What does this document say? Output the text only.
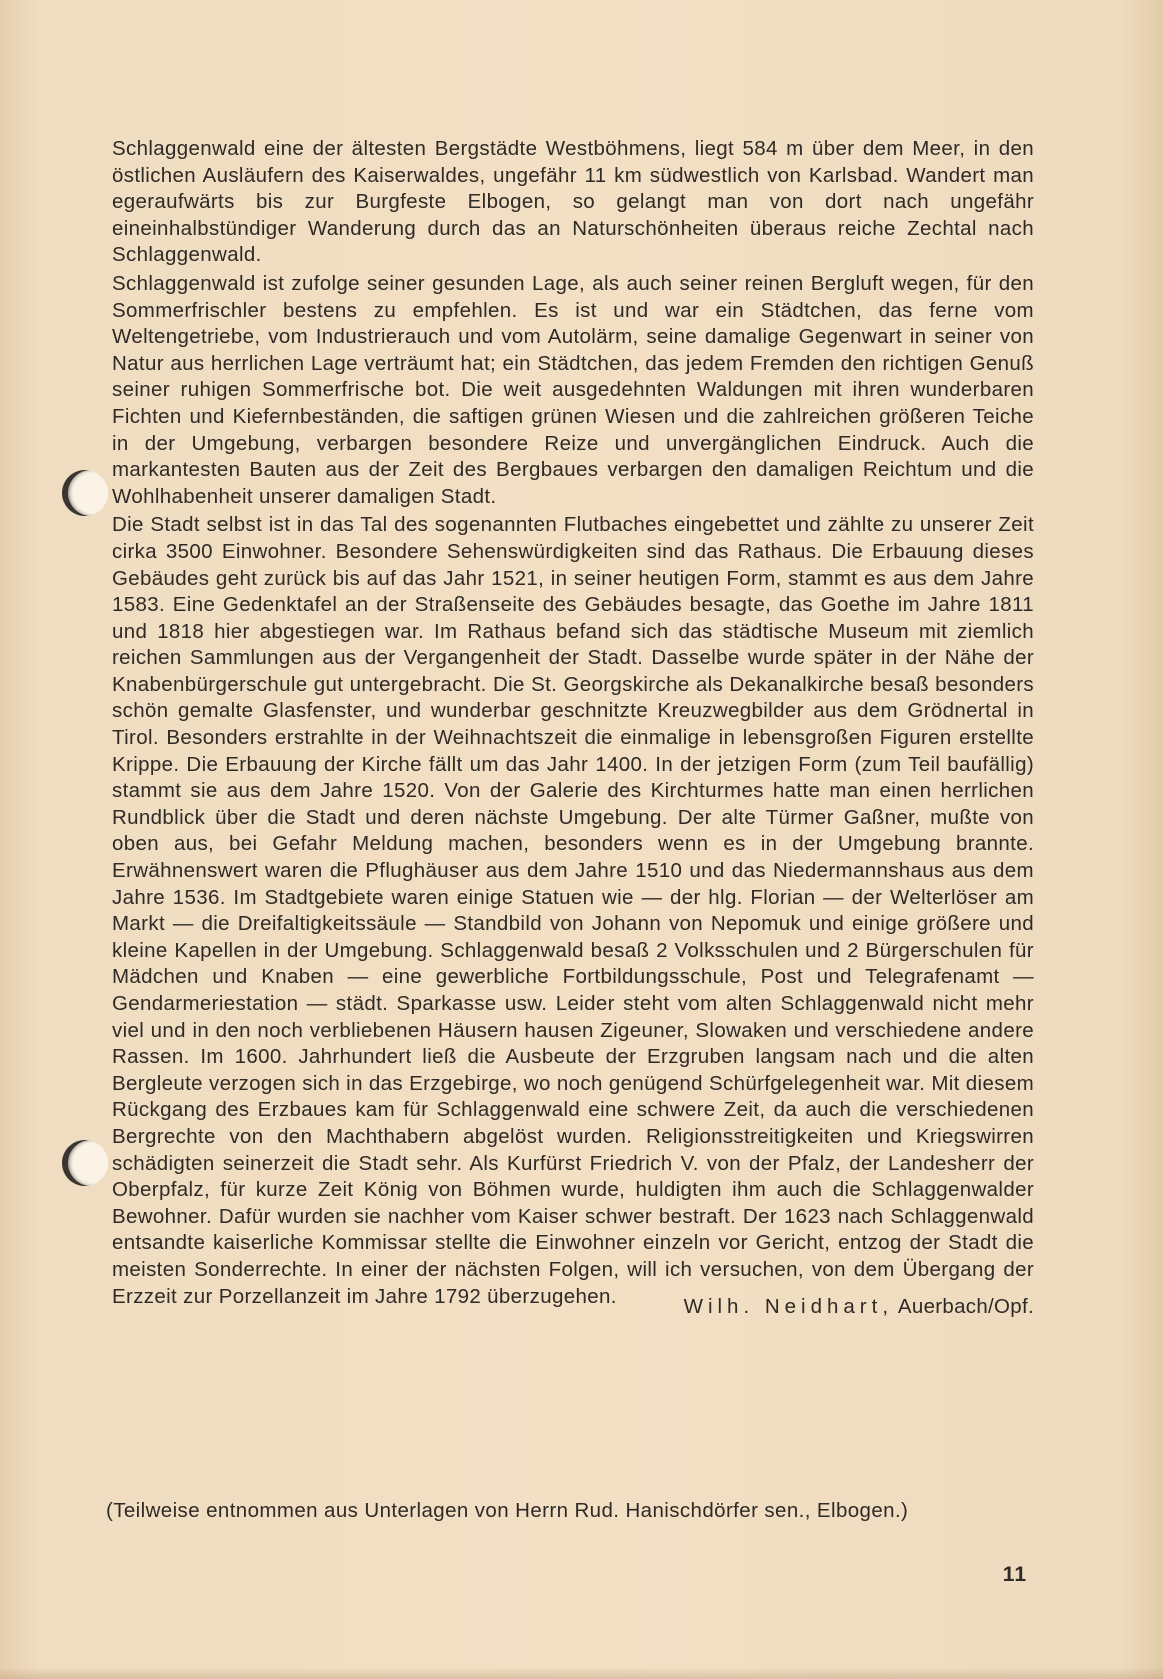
Schlaggenwald eine der ältesten Bergstädte Westböhmens, liegt 584 m über dem Meer, in den östlichen Ausläufern des Kaiserwaldes, ungefähr 11 km südwestlich von Karlsbad. Wandert man egeraufwärts bis zur Burgfeste Elbogen, so gelangt man von dort nach ungefähr eineinhalbstündiger Wanderung durch das an Naturschönheiten überaus reiche Zechtal nach Schlaggenwald.

Schlaggenwald ist zufolge seiner gesunden Lage, als auch seiner reinen Bergluft wegen, für den Sommerfrischler bestens zu empfehlen. Es ist und war ein Städtchen, das ferne vom Weltengetriebe, vom Industrierauch und vom Autolärm, seine damalige Gegenwart in seiner von Natur aus herrlichen Lage verträumt hat; ein Städtchen, das jedem Fremden den richtigen Genuß seiner ruhigen Sommerfrische bot. Die weit ausgedehnten Waldungen mit ihren wunderbaren Fichten und Kiefernbeständen, die saftigen grünen Wiesen und die zahlreichen größeren Teiche in der Umgebung, verbargen besondere Reize und unvergänglichen Eindruck. Auch die markantesten Bauten aus der Zeit des Bergbaues verbargen den damaligen Reichtum und die Wohlhabenheit unserer damaligen Stadt.

Die Stadt selbst ist in das Tal des sogenannten Flutbaches eingebettet und zählte zu unserer Zeit cirka 3500 Einwohner. Besondere Sehenswürdigkeiten sind das Rathaus. Die Erbauung dieses Gebäudes geht zurück bis auf das Jahr 1521, in seiner heutigen Form, stammt es aus dem Jahre 1583. Eine Gedenktafel an der Straßenseite des Gebäudes besagte, das Goethe im Jahre 1811 und 1818 hier abgestiegen war. Im Rathaus befand sich das städtische Museum mit ziemlich reichen Sammlungen aus der Vergangenheit der Stadt. Dasselbe wurde später in der Nähe der Knabenbürgerschule gut untergebracht. Die St. Georgskirche als Dekanalkirche besaß besonders schön gemalte Glasfenster, und wunderbar geschnitzte Kreuzwegbilder aus dem Grödnertal in Tirol. Besonders erstrahlte in der Weihnachtszeit die einmalige in lebensgroßen Figuren erstellte Krippe. Die Erbauung der Kirche fällt um das Jahr 1400. In der jetzigen Form (zum Teil baufällig) stammt sie aus dem Jahre 1520. Von der Galerie des Kirchturmes hatte man einen herrlichen Rundblick über die Stadt und deren nächste Umgebung. Der alte Türmer Gaßner, mußte von oben aus, bei Gefahr Meldung machen, besonders wenn es in der Umgebung brannte. Erwähnenswert waren die Pflughäuser aus dem Jahre 1510 und das Niedermannshaus aus dem Jahre 1536. Im Stadtgebiete waren einige Statuen wie — der hlg. Florian — der Welterlöser am Markt — die Dreifaltigkeitssäule — Standbild von Johann von Nepomuk und einige größere und kleine Kapellen in der Umgebung. Schlaggenwald besaß 2 Volksschulen und 2 Bürgerschulen für Mädchen und Knaben — eine gewerbliche Fortbildungsschule, Post und Telegrafenamt — Gendarmeriestation — städt. Sparkasse usw. Leider steht vom alten Schlaggenwald nicht mehr viel und in den noch verbliebenen Häusern hausen Zigeuner, Slowaken und verschiedene andere Rassen. Im 1600. Jahrhundert ließ die Ausbeute der Erzgruben langsam nach und die alten Bergleute verzogen sich in das Erzgebirge, wo noch genügend Schürfgelegenheit war. Mit diesem Rückgang des Erzbaues kam für Schlaggenwald eine schwere Zeit, da auch die verschiedenen Bergrechte von den Machthabern abgelöst wurden. Religionsstreitigkeiten und Kriegswirren schädigten seinerzeit die Stadt sehr. Als Kurfürst Friedrich V. von der Pfalz, der Landesherr der Oberpfalz, für kurze Zeit König von Böhmen wurde, huldigten ihm auch die Schlaggenwalder Bewohner. Dafür wurden sie nachher vom Kaiser schwer bestraft. Der 1623 nach Schlaggenwald entsandte kaiserliche Kommissar stellte die Einwohner einzeln vor Gericht, entzog der Stadt die meisten Sonderrechte. In einer der nächsten Folgen, will ich versuchen, von dem Übergang der Erzzeit zur Porzellanzeit im Jahre 1792 überzugehen.	Wilh. Neidhart, Auerbach/Opf.
(Teilweise entnommen aus Unterlagen von Herrn Rud. Hanischdörfer sen., Elbogen.)
11
